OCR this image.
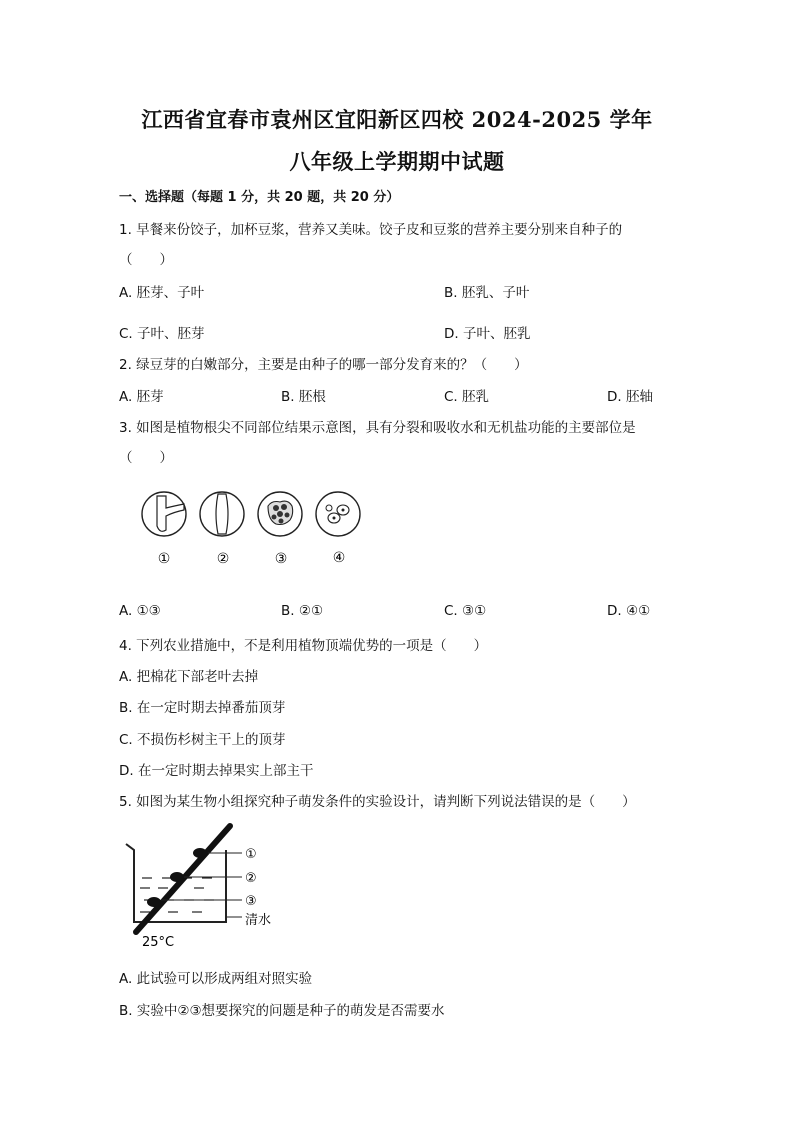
江西省宜春市袁州区宜阳新区四校 2024-2025 学年
八年级上学期期中试题
一、选择题（每题 1 分，共 20 题，共 20 分）
1. 早餐来份饺子，加杯豆浆，营养又美味。饺子皮和豆浆的营养主要分别来自种子的
（　　）
A. 胚芽、子叶	B. 胚乳、子叶
C. 子叶、胚芽	D. 子叶、胚乳
2. 绿豆芽的白嫩部分，主要是由种子的哪一部分发育来的？（　　）
A. 胚芽	B. 胚根	C. 胚乳	D. 胚轴
3. 如图是植物根尖不同部位结果示意图，具有分裂和吸收水和无机盐功能的主要部位是
（　　）
①	②	③	④
A. ①③	B. ②①	C. ③①	D. ④①
4. 下列农业措施中，不是利用植物顶端优势的一项是（　　）
A. 把棉花下部老叶去掉
B. 在一定时期去掉番茄顶芽
C. 不损伤杉树主干上的顶芽
D. 在一定时期去掉果实上部主干
5. 如图为某生物小组探究种子萌发条件的实验设计，请判断下列说法错误的是（　　）
①
②
③
清水
25°C
A. 此试验可以形成两组对照实验
B. 实验中②③想要探究的问题是种子的萌发是否需要水
